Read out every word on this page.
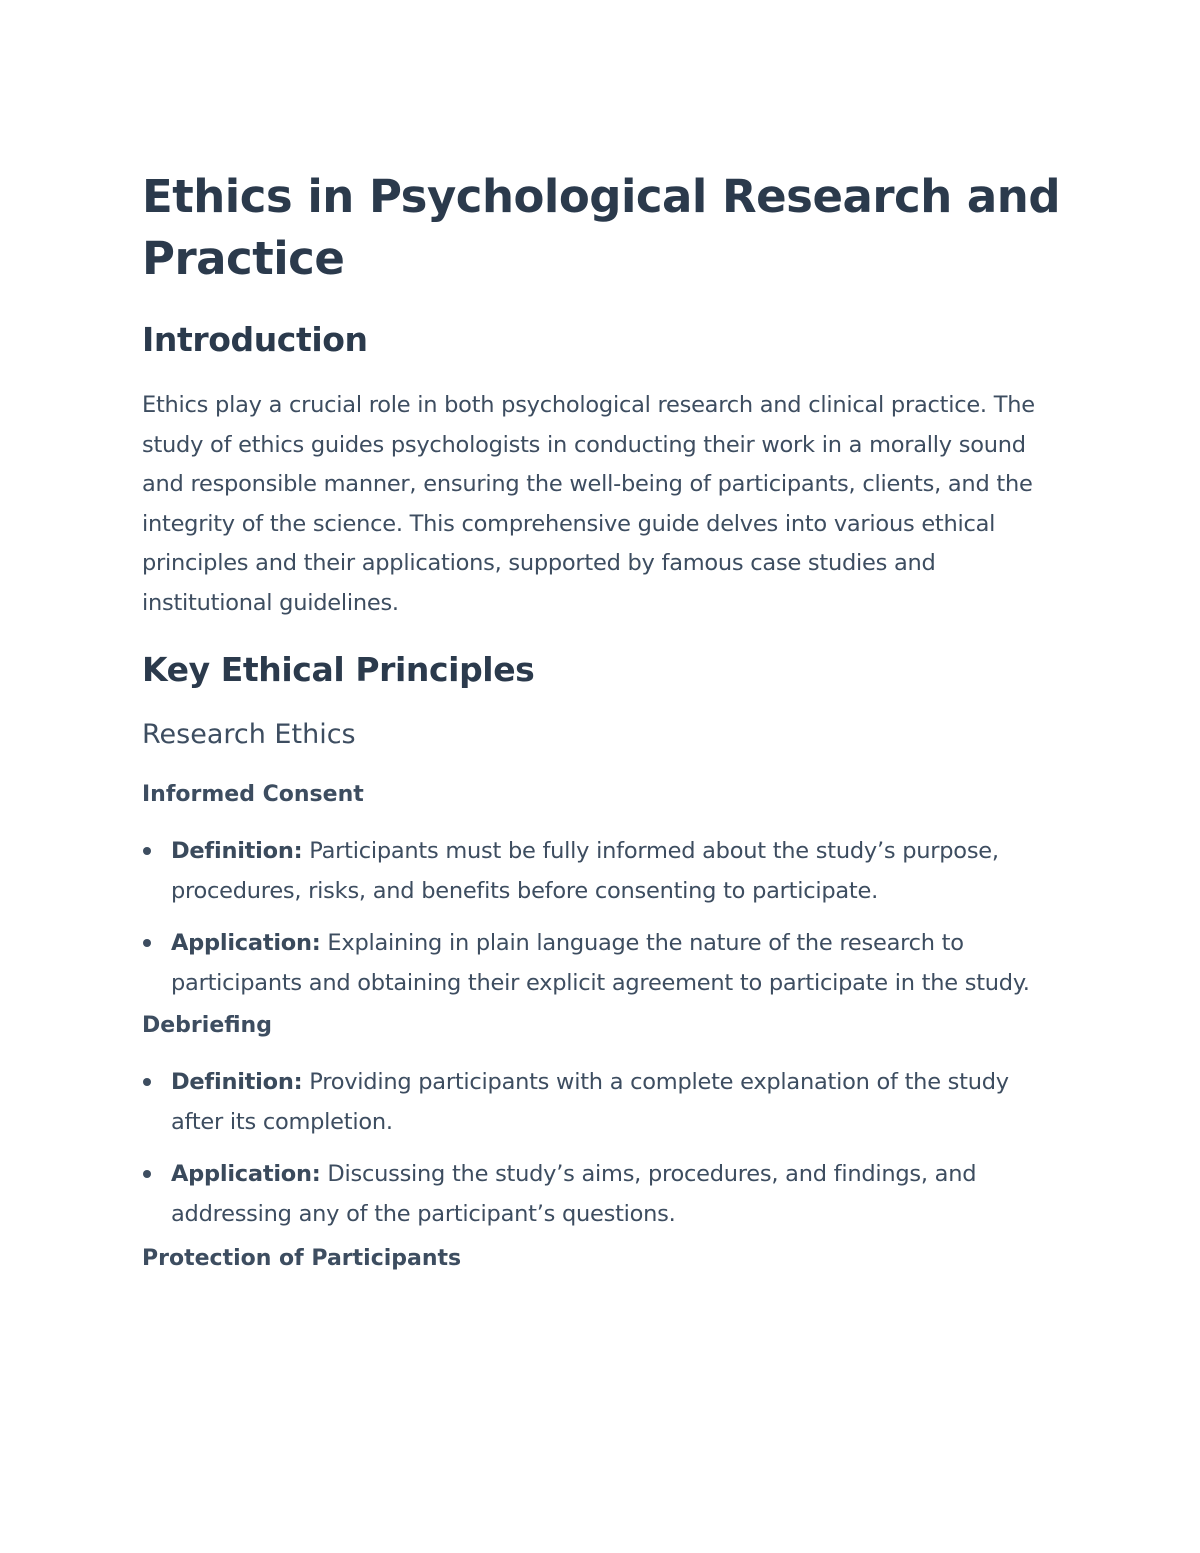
Ethics in Psychological Research and Practice
Introduction

Ethics play a crucial role in both psychological research and clinical practice. The study of ethics guides psychologists in conducting their work in a morally sound and responsible manner, ensuring the well-being of participants, clients, and the integrity of the science. This comprehensive guide delves into various ethical principles and their applications, supported by famous case studies and institutional guidelines.

Key Ethical Principles
Research Ethics
Informed Consent
Definition: Participants must be fully informed about the study’s purpose, procedures, risks, and benefits before consenting to participate.
Application: Explaining in plain language the nature of the research to participants and obtaining their explicit agreement to participate in the study.
Debriefing
Definition: Providing participants with a complete explanation of the study after its completion.
Application: Discussing the study’s aims, procedures, and findings, and addressing any of the participant’s questions.
Protection of Participants
